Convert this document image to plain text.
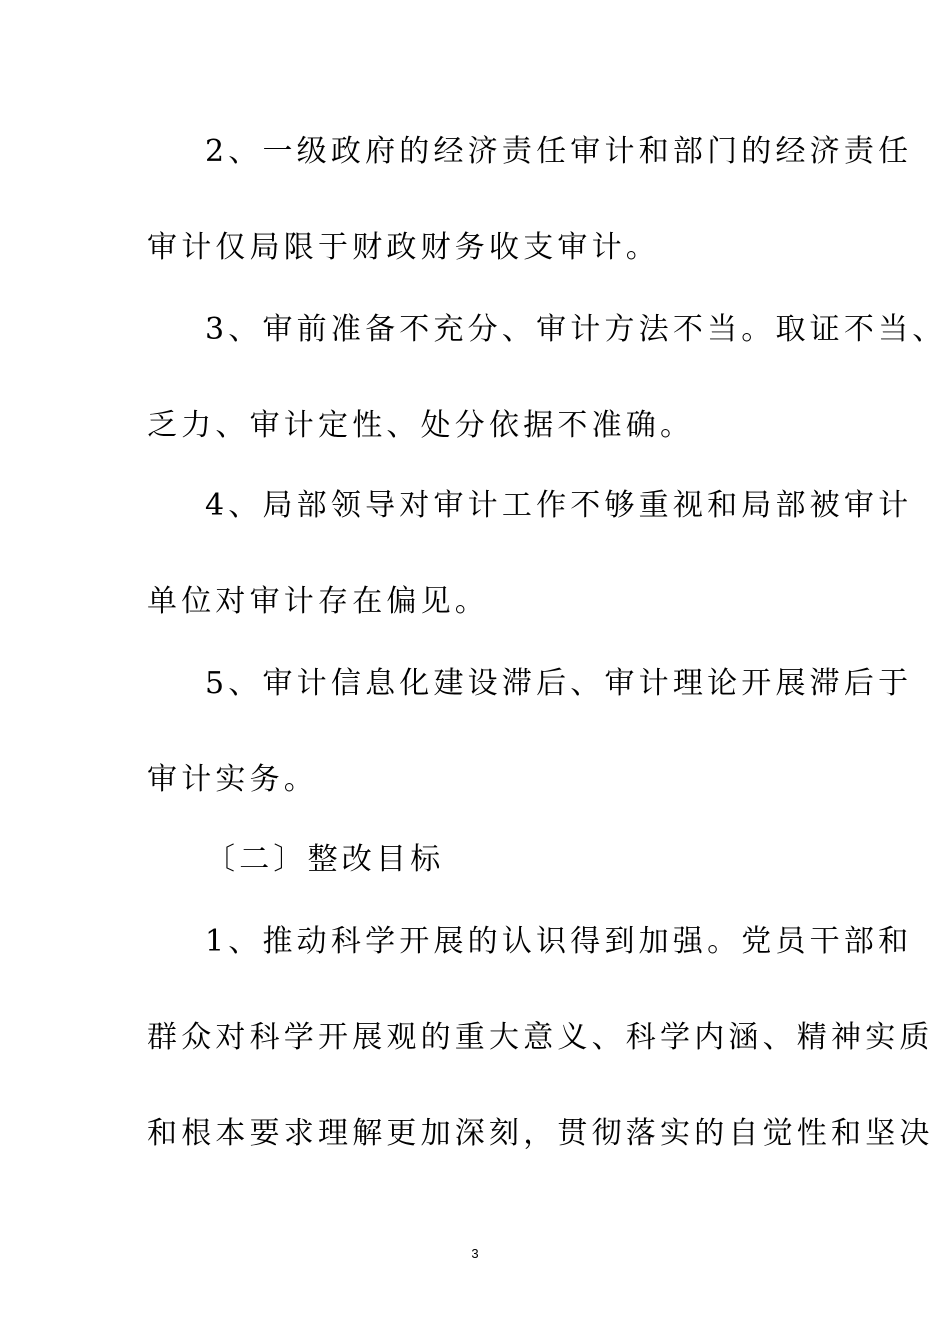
2、一级政府的经济责任审计和部门的经济责任
审计仅局限于财政财务收支审计。
3、审前准备不充分、审计方法不当。取证不当、
乏力、审计定性、处分依据不准确。
4、局部领导对审计工作不够重视和局部被审计
单位对审计存在偏见。
5、审计信息化建设滞后、审计理论开展滞后于
审计实务。
〔二〕整改目标
1、推动科学开展的认识得到加强。党员干部和
群众对科学开展观的重大意义、科学内涵、精神实质
和根本要求理解更加深刻，贯彻落实的自觉性和坚决
3
